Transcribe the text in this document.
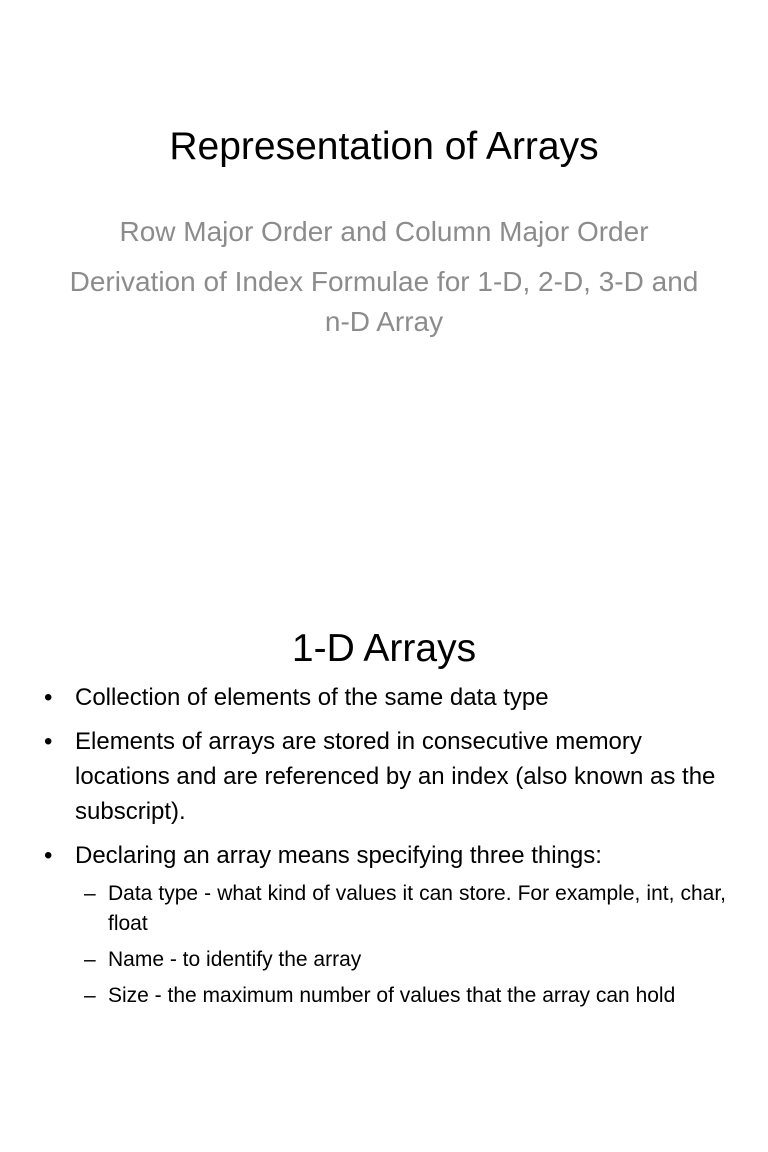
Representation of Arrays

Row Major Order and Column Major Order

Derivation of Index Formulae for 1-D, 2-D, 3-D and n-D Array

1-D Arrays
• Collection of elements of the same data type
• Elements of arrays are stored in consecutive memory locations and are referenced by an index (also known as the subscript).
• Declaring an array means specifying three things:
– Data type - what kind of values it can store. For example, int, char, float
– Name - to identify the array
– Size - the maximum number of values that the array can hold
